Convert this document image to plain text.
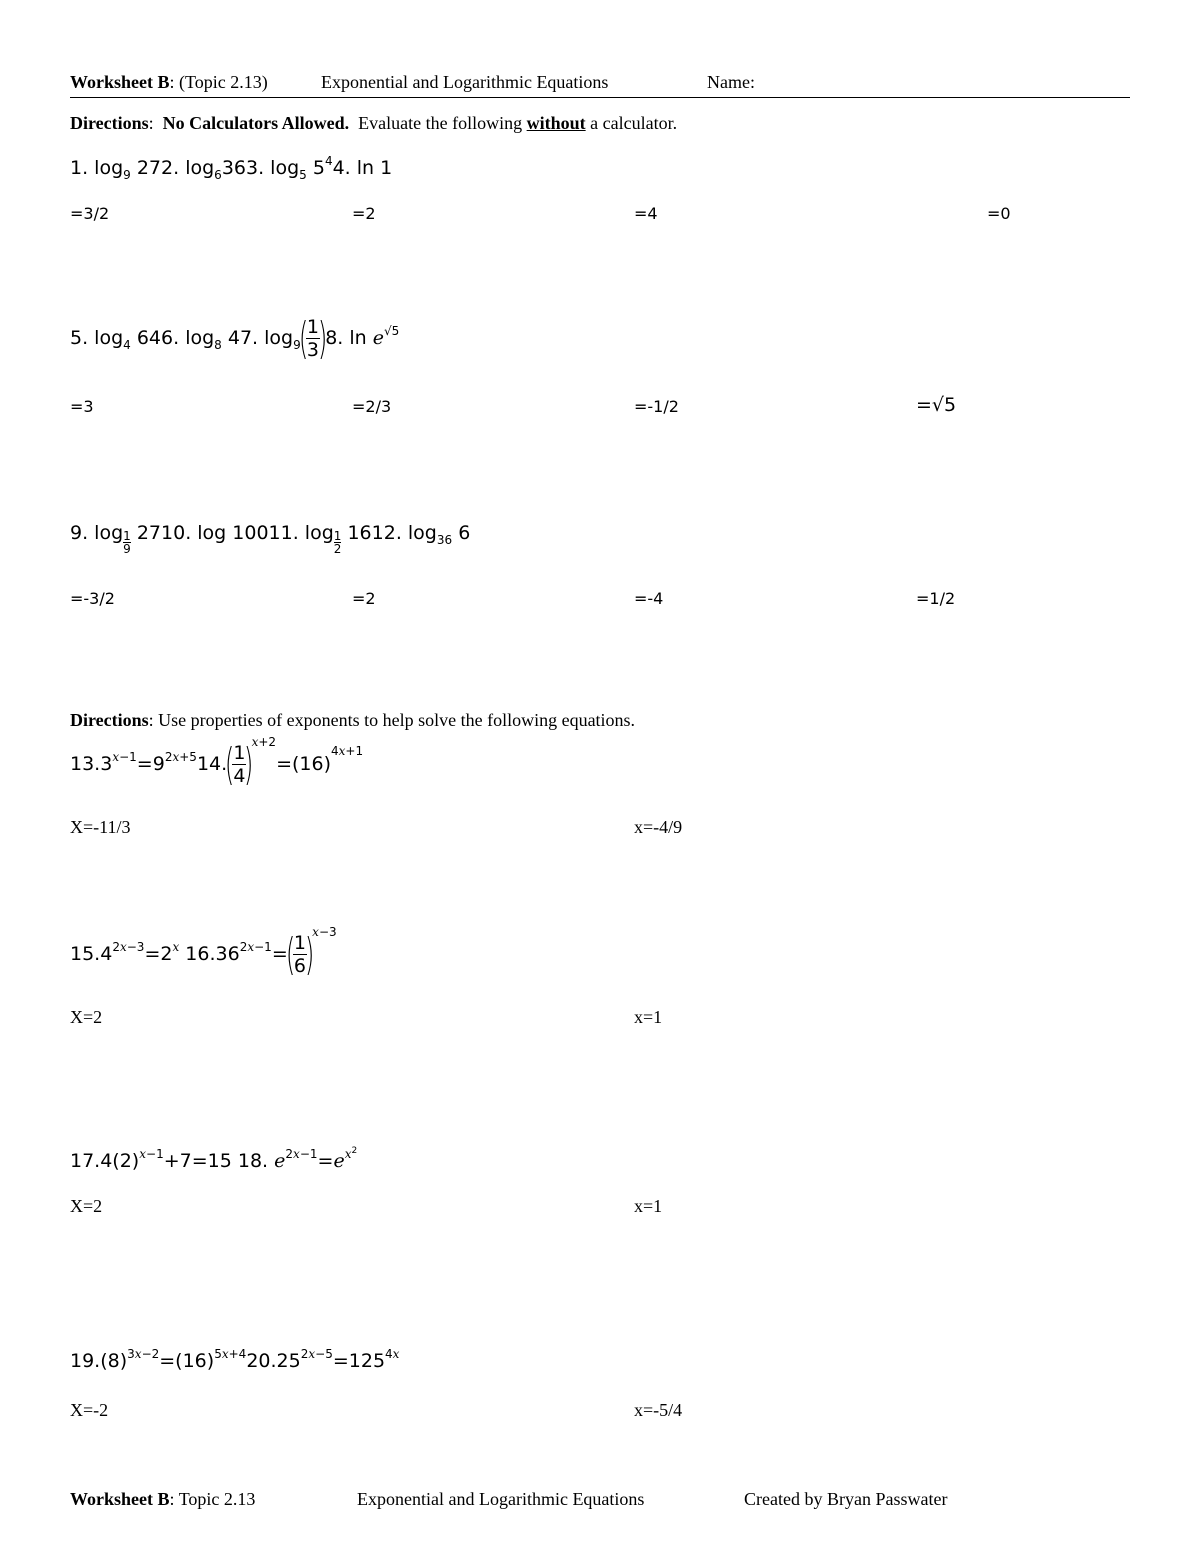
Worksheet B: (Topic 2.13)	Exponential and Logarithmic Equations	Name:
Directions:  No Calculators Allowed. Evaluate the following without a calculator.
1. $\log_9 272$. $\log_6363$. $\log_5 5^44$. ln 1
=3/2	=2	=4	=0
5. $\log_4 646$. $\log_8 47$. $\log_9$(
$\frac{1}{3}$
)8. $\ln e^{√5}$
=3	=2/3	=-1/2	=√5
9. $\log \frac{1}{9} 2710$. log 10011. $\log \frac{1}{2} 1612$. $\log_{36} 6$
=-3/2	=2	=-4	=1/2
Directions: Use properties of exponents to help solve the following equations.
$13.3^{x-1}=9^{2x+5}14$.(
$\frac{1}{4}$
)$^{x+2}=(16)^{4x+1}$
X=-11/3	x=-4/9
$15.4^{2x-3}=2^x$ $16.36^{2x-1}=$(
$\frac{1}{6}$
)$^{x-3}$
X=2	x=1
$17.4(2)^{x-1}+7=15$ 18. $e^{2x-1}=e^{x^2}$
X=2	x=1
$19.(8)^{3x-2}=(16)^{5x+4}20.25^{2x-5}=125^{4x}$
X=-2	x=-5/4
Worksheet B: Topic 2.13	Exponential and Logarithmic Equations	Created by Bryan Passwater
